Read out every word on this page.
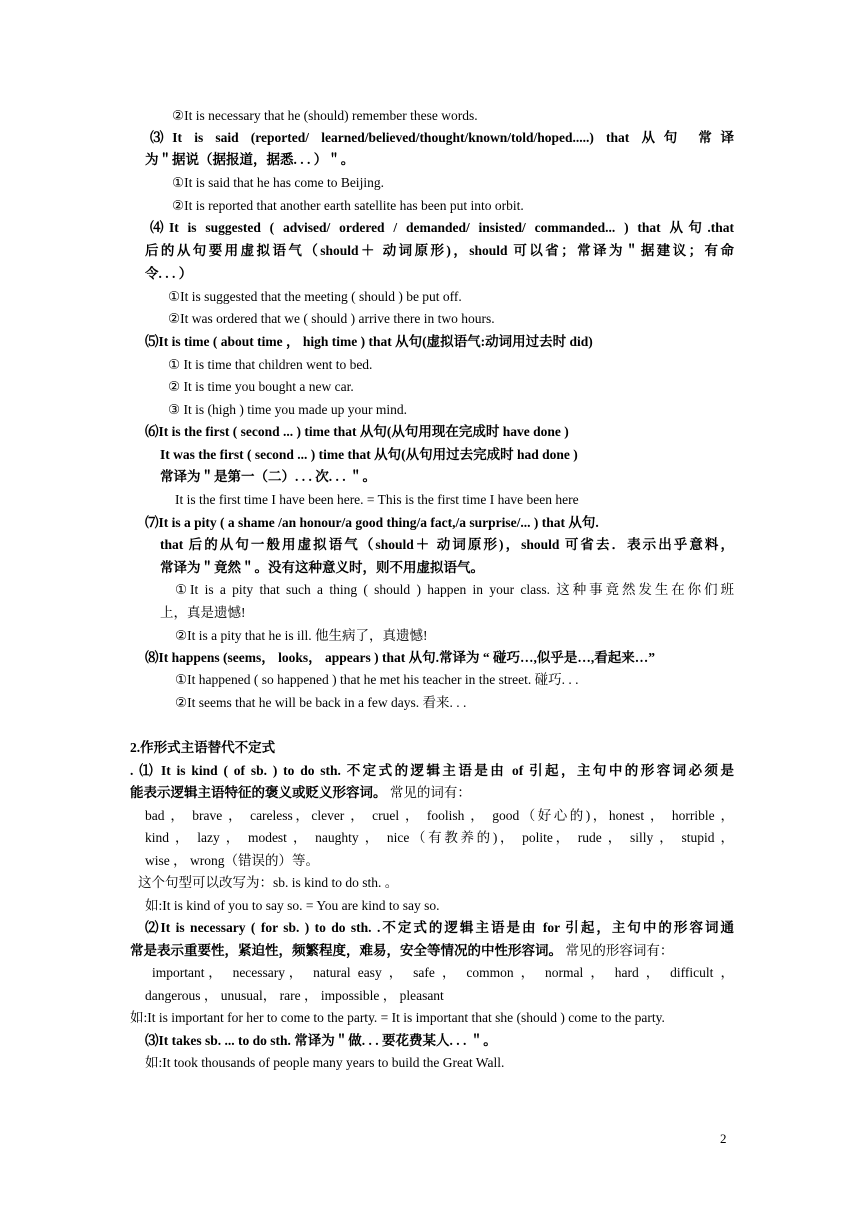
②It is necessary that he (should) remember these words.
⑶It is said (reported/ learned/believed/thought/known/told/hoped.....) that 从句 常译
为＂据说（据报道，据悉. . . ）＂。
①It is said that he has come to Beijing.
②It is reported that another earth satellite has been put into orbit.
⑷It is suggested ( advised/ ordered / demanded/ insisted/ commanded... ) that 从句.that
后的从句要用虚拟语气（should＋ 动词原形)，should 可以省；常译为＂据建议；有命
令. . . ）
①It is suggested that the meeting ( should ) be put off.
②It was ordered that we ( should ) arrive there in two hours.
⑸It is time ( about time ， high time ) that 从句(虚拟语气:动词用过去时 did)
① It is time that children went to bed.
② It is time you bought a new car.
③ It is (high ) time you made up your mind.
⑹It is the first ( second ... ) time that 从句(从句用现在完成时 have done )
It was the first ( second ... ) time that 从句(从句用过去完成时 had done )
常译为＂是第一（二）. . . 次. . . ＂。
It is the first time I have been here. = This is the first time I have been here
⑺It is a pity ( a shame /an honour/a good thing/a fact,/a surprise/... ) that 从句.
that 后的从句一般用虚拟语气（should＋ 动词原形)，should 可省去．表示出乎意料，
常译为＂竟然＂。没有这种意义时，则不用虚拟语气。
①It is a pity that such a thing ( should ) happen in your class. 这种事竟然发生在你们班
上，真是遗憾!
②It is a pity that he is ill. 他生病了，真遗憾!
⑻It happens (seems， looks， appears ) that 从句.常译为 “ 碰巧…,似乎是…,看起来…”
①It happened ( so happened ) that he met his teacher in the street. 碰巧. . .
②It seems that he will be back in a few days. 看来. . .
2.作形式主语替代不定式
. ⑴ It is kind ( of sb. ) to do sth. 不定式的逻辑主语是由 of 引起，主句中的形容词必须是
能表示逻辑主语特征的褒义或贬义形容词。 常见的词有：
bad ， brave ， careless，clever ， cruel ， foolish ， good（好心的)，honest ， horrible ，
kind ， lazy ， modest ， naughty ， nice（有教养的)， polite， rude ， silly ， stupid ，
wise ， wrong（错误的）等。
这个句型可以改写为：sb. is kind to do sth. 。
如:It is kind of you to say so. = You are kind to say so.
⑵It is necessary ( for sb. ) to do sth. .不定式的逻辑主语是由 for 引起，主句中的形容词通
常是表示重要性，紧迫性，频繁程度，难易，安全等情况的中性形容词。 常见的形容词有：
important， necessary， natural easy ， safe ， common ， normal ， hard ， difficult ，
dangerous ， unusual， rare ， impossible ， pleasant
如:It is important for her to come to the party. = It is important that she (should ) come to the party.
⑶It takes sb. ... to do sth. 常译为＂做. . . 要花费某人. . . ＂。
如:It took thousands of people many years to build the Great Wall.
2
